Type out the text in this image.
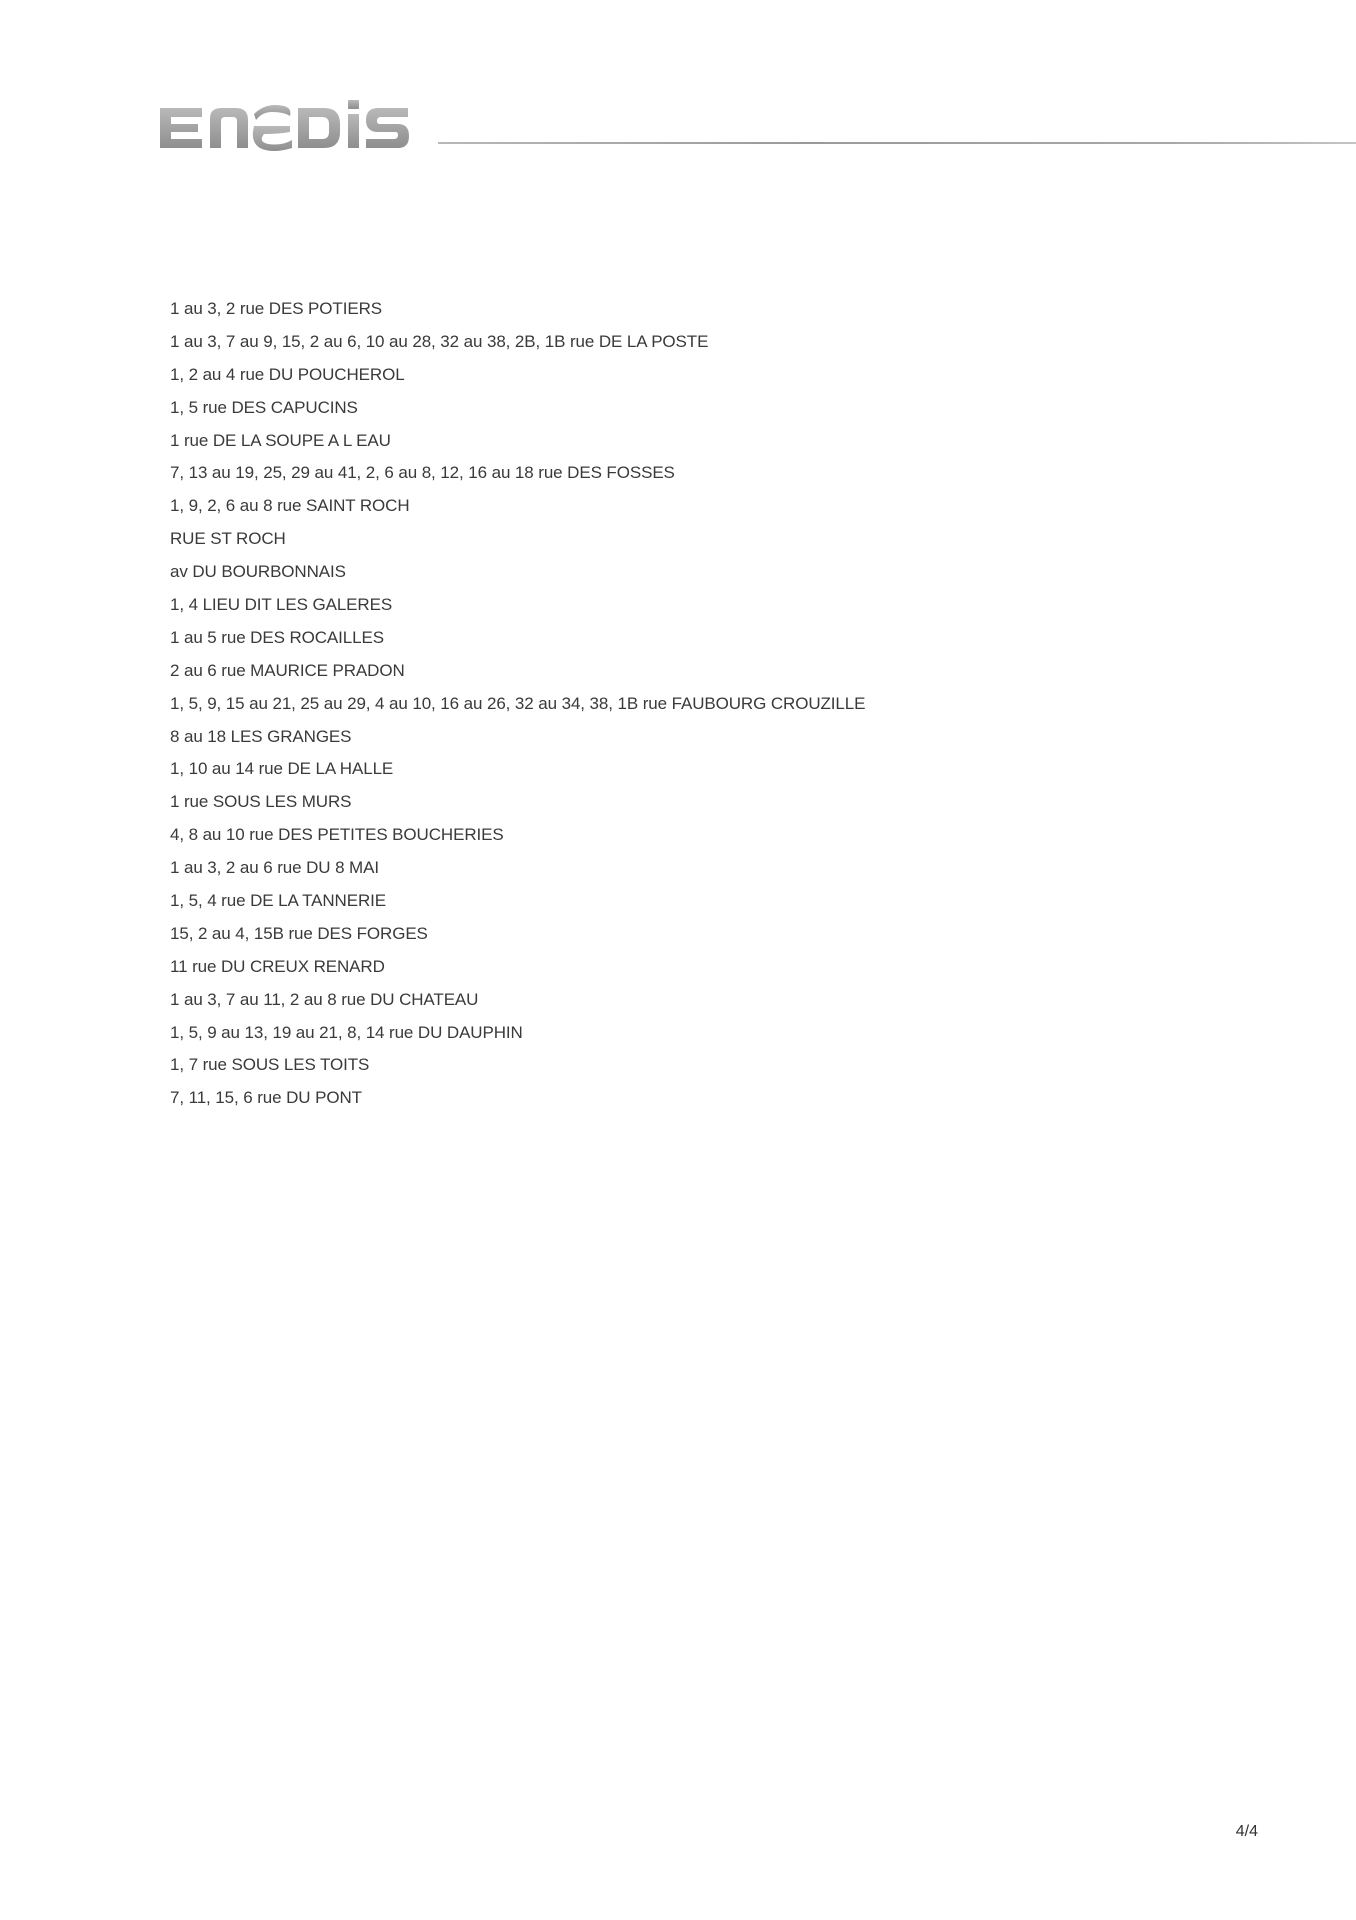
1 au 3, 2 rue DES POTIERS
1 au 3, 7 au 9, 15, 2 au 6, 10 au 28, 32 au 38, 2B, 1B rue DE LA POSTE
1, 2 au 4 rue DU POUCHEROL
1, 5 rue DES CAPUCINS
1 rue DE LA SOUPE A L EAU
7, 13 au 19, 25, 29 au 41, 2, 6 au 8, 12, 16 au 18 rue DES FOSSES
1, 9, 2, 6 au 8 rue SAINT ROCH
RUE ST ROCH
av DU BOURBONNAIS
1, 4 LIEU DIT LES GALERES
1 au 5 rue DES ROCAILLES
2 au 6 rue MAURICE PRADON
1, 5, 9, 15 au 21, 25 au 29, 4 au 10, 16 au 26, 32 au 34, 38, 1B rue FAUBOURG CROUZILLE
8 au 18 LES GRANGES
1, 10 au 14 rue DE LA HALLE
1 rue SOUS LES MURS
4, 8 au 10 rue DES PETITES BOUCHERIES
1 au 3, 2 au 6 rue DU 8 MAI
1, 5, 4 rue DE LA TANNERIE
15, 2 au 4, 15B rue DES FORGES
11 rue DU CREUX RENARD
1 au 3, 7 au 11, 2 au 8 rue DU CHATEAU
1, 5, 9 au 13, 19 au 21, 8, 14 rue DU DAUPHIN
1, 7 rue SOUS LES TOITS
7, 11, 15, 6 rue DU PONT
4/4
